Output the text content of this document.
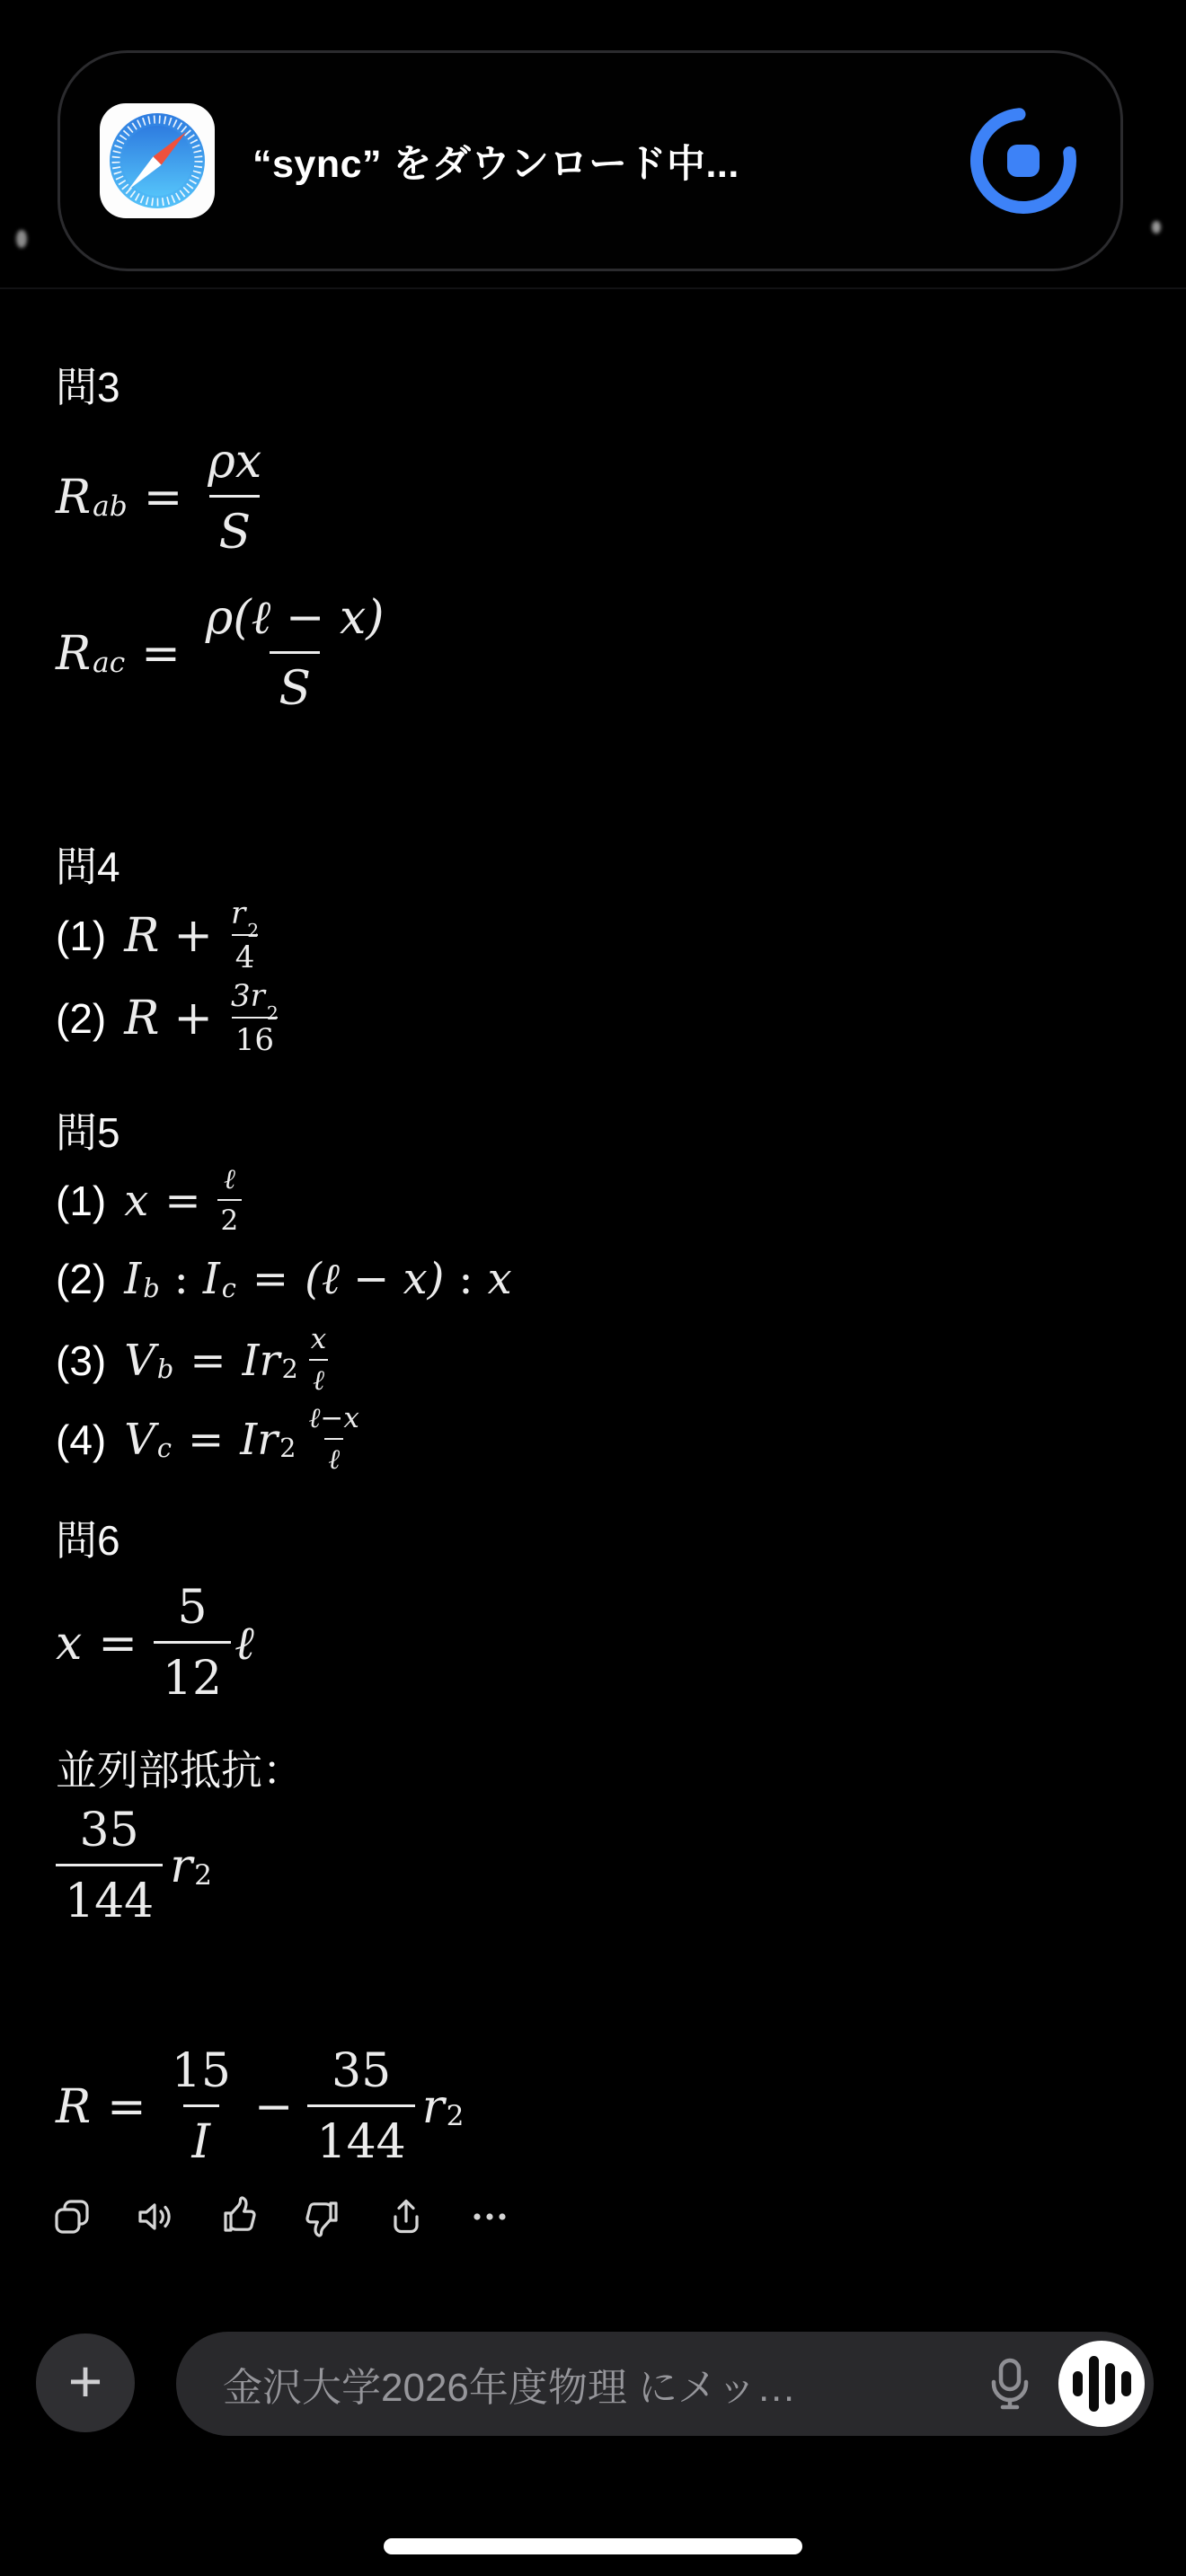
“sync” をダウンロード中...
問3
$R_{ab} = \frac{\rho x}{S}$
$R_{ac}$ =
ρ(ℓ − x)
S
問4
(1) $R + \frac{r_2}{4}$
(2) $R + \frac{3r_2}{16}$
問5
(1) x = ℓ
2
(2) $I_b$ : $I_c$ = (ℓ − x) : x
(3) $V_b = Ir_2$
x
ℓ
(4) $V_c = Ir_2$
ℓ−x
ℓ
問6
$x = \frac{5}{12}$ ℓ
並列部抵抗：
$\frac{35}{144} r_2$
$R = \frac{15}{I} - \frac{35}{144} r_2$
+	金沢大学2026年度物理 にメッ…
